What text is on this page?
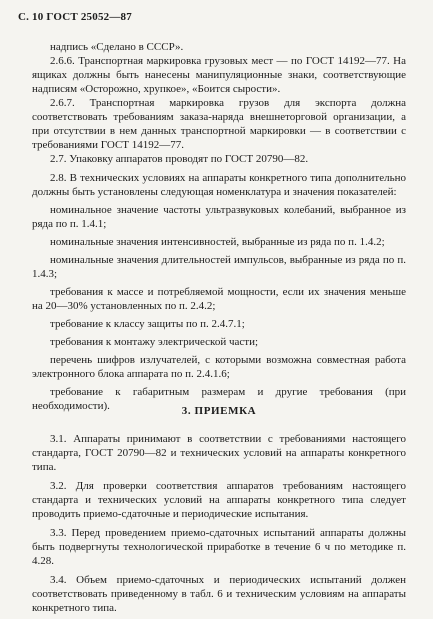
С. 10 ГОСТ 25052—87

надпись «Сделано в СССР».

2.6.6. Транспортная маркировка грузовых мест — по ГОСТ 14192—77. На ящиках должны быть нанесены манипуляционные знаки, соответствующие надписям «Осторожно, хрупкое», «Боится сырости».

2.6.7. Транспортная маркировка грузов для экспорта должна соответствовать требованиям заказа-наряда внешнеторговой организации, а при отсутствии в нем данных транспортной маркировки — в соответствии с требованиями ГОСТ 14192—77.

2.7. Упаковку аппаратов проводят по ГОСТ 20790—82.

2.8. В технических условиях на аппараты конкретного типа дополнительно должны быть установлены следующая номенклатура и значения показателей:

номинальное значение частоты ультразвуковых колебаний, выбранное из ряда по п. 1.4.1;

номинальные значения интенсивностей, выбранные из ряда по п. 1.4.2;

номинальные значения длительностей импульсов, выбранные из ряда по п. 1.4.3;

требования к массе и потребляемой мощности, если их значения меньше на 20—30% установленных по п. 2.4.2;

требование к классу защиты по п. 2.4.7.1;

требования к монтажу электрической части;

перечень шифров излучателей, с которыми возможна совместная работа электронного блока аппарата по п. 2.4.1.6;

требование к габаритным размерам и другие требования (при необходимости).	3. ПРИЕМКА

3.1. Аппараты принимают в соответствии с требованиями настоящего стандарта, ГОСТ 20790—82 и технических условий на аппараты конкретного типа.

3.2. Для проверки соответствия аппаратов требованиям настоящего стандарта и технических условий на аппараты конкретного типа следует проводить приемо-сдаточные и периодические испытания.

3.3. Перед проведением приемо-сдаточных испытаний аппараты должны быть подвергнуты технологической приработке в течение 6 ч по методике п. 4.28.

3.4. Объем приемо-сдаточных и периодических испытаний должен соответствовать приведенному в табл. 6 и техническим условиям на аппараты конкретного типа.
